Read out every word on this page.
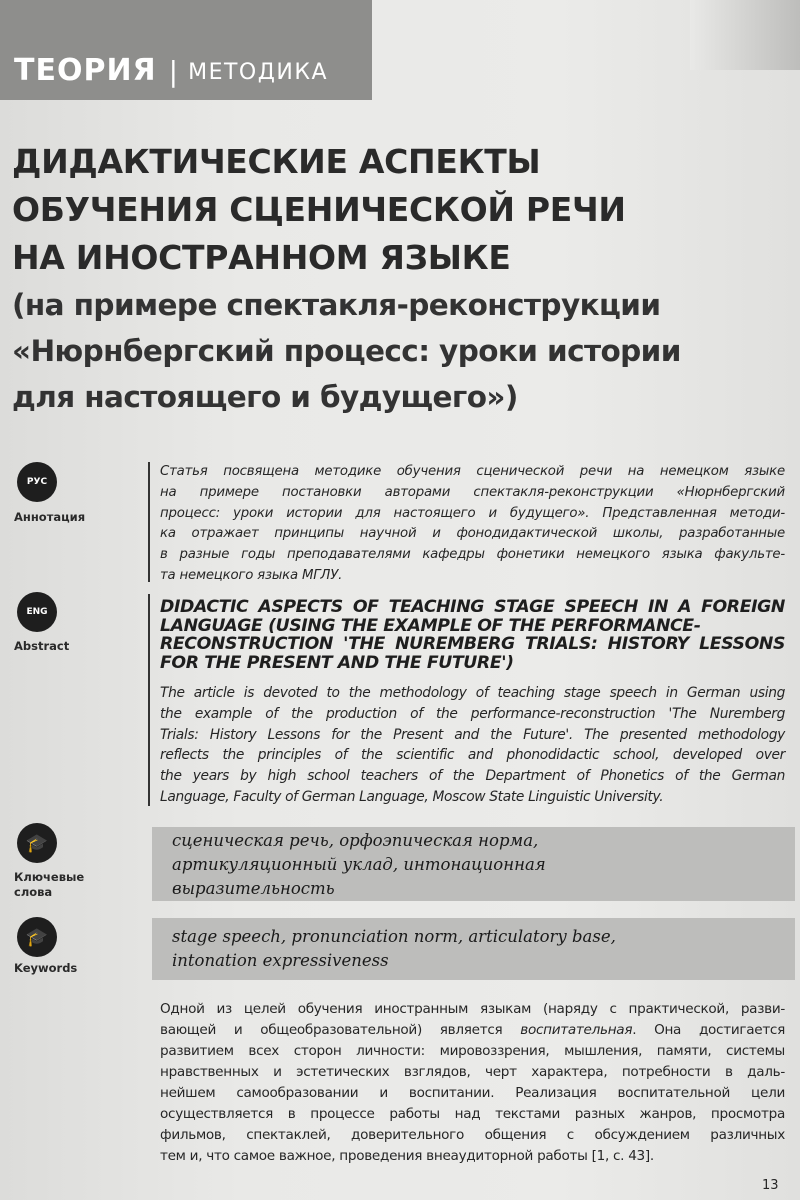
ТЕОРИЯ | МЕТОДИКА
ДИДАКТИЧЕСКИЕ АСПЕКТЫ
ОБУЧЕНИЯ СЦЕНИЧЕСКОЙ РЕЧИ
НА ИНОСТРАННОМ ЯЗЫКЕ
(на примере спектакля-реконструкции
«Нюрнбергский процесс: уроки истории
для настоящего и будущего»)
РУС
Аннотация
Статья посвящена методике обучения сценической речи на немецком языке
на примере постановки авторами спектакля-реконструкции «Нюрнбергский
процесс: уроки истории для настоящего и будущего». Представленная методи-
ка отражает принципы научной и фонодидактической школы, разработанные
в разные годы преподавателями кафедры фонетики немецкого языка факульте-
та немецкого языка МГЛУ.
ENG
Abstract
DIDACTIC ASPECTS OF TEACHING STAGE SPEECH IN A FOREIGN
LANGUAGE (USING THE EXAMPLE OF THE PERFORMANCE-
RECONSTRUCTION 'THE NUREMBERG TRIALS: HISTORY LESSONS
FOR THE PRESENT AND THE FUTURE')
The article is devoted to the methodology of teaching stage speech in German using
the example of the production of the performance-reconstruction 'The Nuremberg
Trials: History Lessons for the Present and the Future'. The presented methodology
reflects the principles of the scientific and phonodidactic school, developed over
the years by high school teachers of the Department of Phonetics of the German
Language, Faculty of German Language, Moscow State Linguistic University.
🎓
Ключевые
слова
сценическая речь, орфоэпическая норма,
артикуляционный уклад, интонационная
выразительность
🎓
Keywords
stage speech, pronunciation norm, articulatory base,
intonation expressiveness
Одной из целей обучения иностранным языкам (наряду с практической, разви-
вающей и общеобразовательной) является воспитательная. Она достигается
развитием всех сторон личности: мировоззрения, мышления, памяти, системы
нравственных и эстетических взглядов, черт характера, потребности в даль-
нейшем самообразовании и воспитании. Реализация воспитательной цели
осуществляется в процессе работы над текстами разных жанров, просмотра
фильмов, спектаклей, доверительного общения с обсуждением различных
тем и, что самое важное, проведения внеаудиторной работы [1, с. 43].
13
